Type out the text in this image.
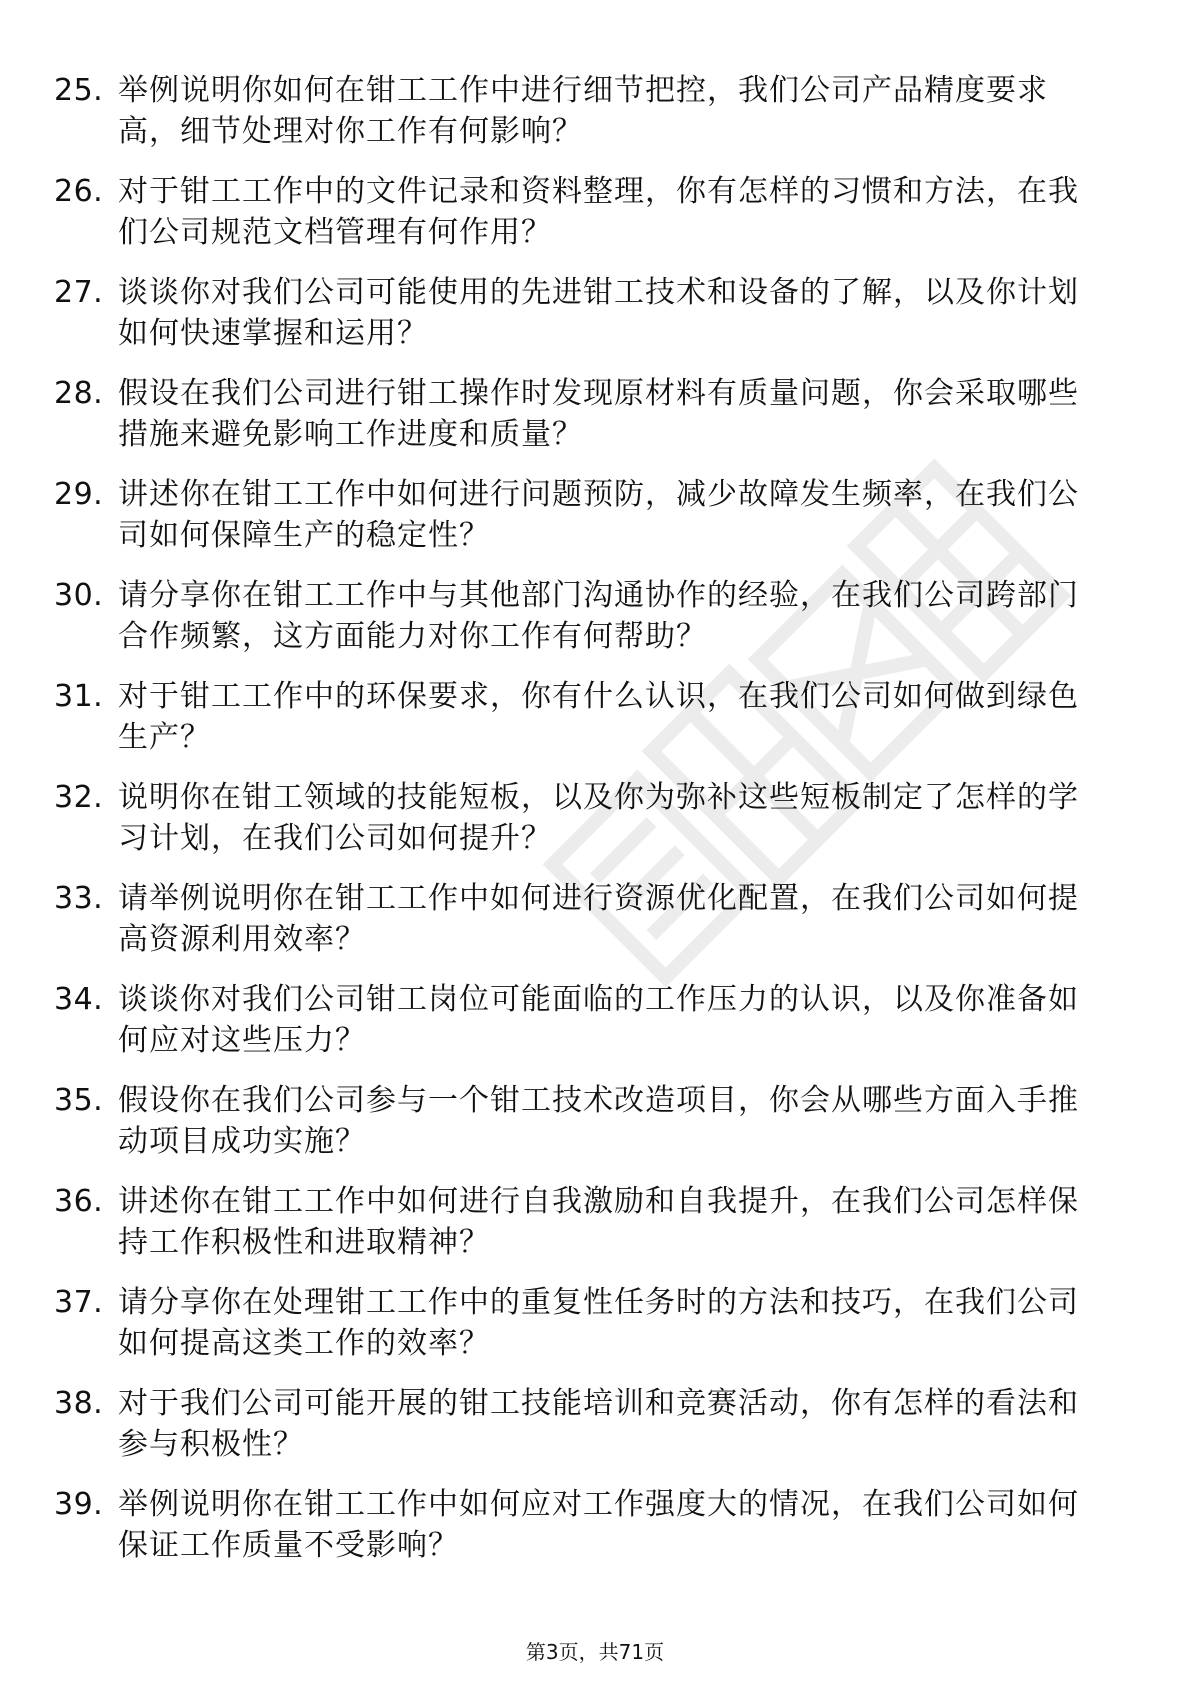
25. 举例说明你如何在钳工工作中进行细节把控，我们公司产品精度要求高，细节处理对你工作有何影响？
26. 对于钳工工作中的文件记录和资料整理，你有怎样的习惯和方法，在我们公司规范文档管理有何作用？
27. 谈谈你对我们公司可能使用的先进钳工技术和设备的了解，以及你计划如何快速掌握和运用？
28. 假设在我们公司进行钳工操作时发现原材料有质量问题，你会采取哪些措施来避免影响工作进度和质量？
29. 讲述你在钳工工作中如何进行问题预防，减少故障发生频率，在我们公司如何保障生产的稳定性？
30. 请分享你在钳工工作中与其他部门沟通协作的经验，在我们公司跨部门合作频繁，这方面能力对你工作有何帮助？
31. 对于钳工工作中的环保要求，你有什么认识，在我们公司如何做到绿色生产？
32. 说明你在钳工领域的技能短板，以及你为弥补这些短板制定了怎样的学习计划，在我们公司如何提升？
33. 请举例说明你在钳工工作中如何进行资源优化配置，在我们公司如何提高资源利用效率？
34. 谈谈你对我们公司钳工岗位可能面临的工作压力的认识，以及你准备如何应对这些压力？
35. 假设你在我们公司参与一个钳工技术改造项目，你会从哪些方面入手推动项目成功实施？
36. 讲述你在钳工工作中如何进行自我激励和自我提升，在我们公司怎样保持工作积极性和进取精神？
37. 请分享你在处理钳工工作中的重复性任务时的方法和技巧，在我们公司如何提高这类工作的效率？
38. 对于我们公司可能开展的钳工技能培训和竞赛活动，你有怎样的看法和参与积极性？
39. 举例说明你在钳工工作中如何应对工作强度大的情况，在我们公司如何保证工作质量不受影响？
第3页，共71页
